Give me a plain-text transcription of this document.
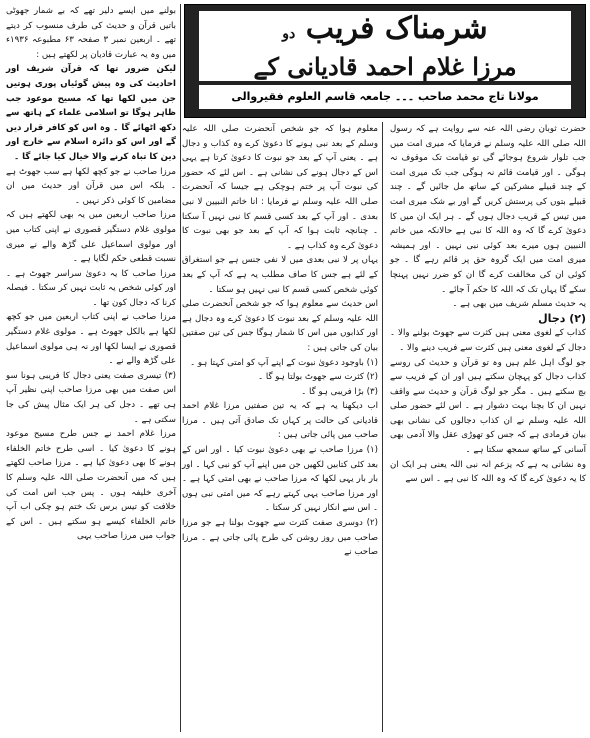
شرمناک فریب دو
مرزا غلام احمد قادیانی کے
مولانا تاج محمد صاحب ۔۔۔ جامعہ قاسم العلوم فقیروالی

حضرت ثوبان رضی اللہ عنہ سے روایت ہے کہ رسول اللہ صلی اللہ علیہ وسلم نے فرمایا کہ میری امت میں جب تلوار شروع ہوجائے گی تو قیامت تک موقوف نہ ہوگی ۔ اور قیامت قائم نہ ہوگی جب تک میری امت کے چند قبیلے مشرکین کے ساتھ مل جائیں گے ۔ چند قبیلے بتوں کی پرستش کریں گے اور بے شک میری امت میں تیس کے قریب دجال ہوں گے ۔ ہر ایک ان میں کا دعویٰ کرے گا کہ وہ اللہ کا نبی ہے حالانکہ میں خاتم النبیین ہوں میرے بعد کوئی نبی نہیں ۔ اور ہمیشہ میری امت میں ایک گروہ حق پر قائم رہے گا ۔ جو کوئی ان کی مخالفت کرے گا ان کو ضرر نہیں پہنچا سکے گا یہاں تک کہ اللہ کا حکم آ جائے ۔

یہ حدیث مسلم شریف میں بھی ہے ۔

(۲) دجال

کذاب کے لغوی معنی ہیں کثرت سے جھوٹ بولنے والا ۔ دجال کے لغوی معنی ہیں کثرت سے فریب دینے والا ۔

جو لوگ اہل علم ہیں وہ تو قرآن و حدیث کی روسے کذاب دجال کو پہچان سکتے ہیں اور ان کے فریب سے بچ سکتے ہیں ۔ مگر جو لوگ قرآن و حدیث سے واقف نہیں ان کا بچنا بہت دشوار ہے ۔ اس لئے حضور صلی اللہ علیہ وسلم نے ان کذاب دجالوں کی نشانی بھی بیان فرمادی ہے کہ جس کو تھوڑی عقل والا آدمی بھی آسانی کے ساتھ سمجھ سکتا ہے ۔

وہ نشانی یہ ہے کہ یزعم انہ نبی اللہ یعنی ہر ایک ان کا یہ دعویٰ کرے گا کہ وہ اللہ کا نبی ہے ۔ اس سے

معلوم ہوا کہ جو شخص آنحضرت صلی اللہ علیہ وسلم کے بعد نبی ہونے کا دعویٰ کرے وہ کذاب و دجال ہے ۔ یعنی آپ کے بعد جو نبوت کا دعویٰ کرتا ہے یہی اس کے دجال ہونے کی نشانی ہے ۔ اس لئے کہ حضور کی نبوت آپ پر ختم ہوچکی ہے جیسا کہ آنحضرت صلی اللہ علیہ وسلم نے فرمایا : انا خاتم النبیین لا نبی بعدی ۔ اور آپ کے بعد کسی قسم کا نبی نہیں آ سکتا ۔ چنانچہ ثابت ہوا کہ آپ کے بعد جو بھی نبوت کا دعویٰ کرے وہ کذاب ہے ۔

یہاں پر لا نبی بعدی میں لا نفی جنس ہے جو استغراق کے لئے ہے جس کا صاف مطلب یہ ہے کہ آپ کے بعد کوئی شخص کسی قسم کا نبی نہیں ہو سکتا ۔

اس حدیث سے معلوم ہوا کہ جو شخص آنحضرت صلی اللہ علیہ وسلم کے بعد نبوت کا دعویٰ کرے وہ دجال ہے اور کذابوں میں اس کا شمار ہوگا جس کی تین صفتیں بیان کی جاتی ہیں :

(۱) باوجود دعویٰ نبوت کے اپنے آپ کو امتی کہتا ہو ۔

(۲) کثرت سے جھوٹ بولتا ہو گا ۔

(۳) بڑا فریبی ہو گا ۔

اب دیکھنا یہ ہے کہ یہ تین صفتیں مرزا غلام احمد قادیانی کی حالت پر کہاں تک صادق آتی ہیں ۔ مرزا صاحب میں پائی جاتی ہیں :

(۱) مرزا صاحب نے بھی دعویٰ نبوت کیا ۔ اور اس کے بعد کئی کتابیں لکھیں جن میں اپنے آپ کو نبی کہا ۔ اور بار بار یہی لکھا کہ مرزا صاحب نے بھی امتی کہا ہے ۔ اور مرزا صاحب یہی کہتے رہے کہ میں امتی نبی ہوں ۔ اس سے انکار نہیں کر سکتا ۔

(۲) دوسری صفت کثرت سے جھوٹ بولنا ہے جو مرزا صاحب میں روز روشن کی طرح پائی جاتی ہے ۔ مرزا صاحب نے

بولنے میں ایسے دلیر تھے کہ بے شمار جھوٹی باتیں قرآن و حدیث کی طرف منسوب کر دیتے تھے ۔ اربعین نمبر ۳ صفحہ ۶۳ مطبوعہ ۱۹۳۶ء میں وہ یہ عبارت قادیان پر لکھتے ہیں :

لیکن ضرور تھا کہ قرآن شریف اور احادیث کی وہ پیش گوئیاں پوری ہوتیں جن میں لکھا تھا کہ مسیح موعود جب ظاہر ہوگا تو اسلامی علماء کے ہاتھ سے دکھ اٹھائے گا ۔ وہ اس کو کافر قرار دیں گے اور اس کو دائرہ اسلام سے خارج اور دین کا تباہ کرنے والا خیال کیا جائے گا ۔

مرزا صاحب نے جو کچھ لکھا ہے سب جھوٹ ہے ۔ بلکہ اس میں قرآن اور حدیث میں ان مضامین کا کوئی ذکر نہیں ۔

مرزا صاحب اربعین میں یہ بھی لکھتے ہیں کہ مولوی غلام دستگیر قصوری نے اپنی کتاب میں اور مولوی اسماعیل علی گڑھ والے نے میری نسبت قطعی حکم لگایا ہے ۔

مرزا صاحب کا یہ دعویٰ سراسر جھوٹ ہے ۔ اور کوئی شخص یہ ثابت نہیں کر سکتا ۔ فیصلہ کرنا کہ دجال کون تھا ۔

مرزا صاحب نے اپنی کتاب اربعین میں جو کچھ لکھا ہے بالکل جھوٹ ہے ۔ مولوی غلام دستگیر قصوری نے ایسا لکھا اور نہ ہی مولوی اسماعیل علی گڑھ والے نے ۔

(۳) تیسری صفت یعنی دجال کا فریبی ہونا سو اس صفت میں بھی مرزا صاحب اپنی نظیر آپ ہی تھے ۔ دجل کی ہر ایک مثال پیش کی جا سکتی ہے ۔

مرزا غلام احمد نے جس طرح مسیح موعود ہونے کا دعویٰ کیا ۔ اسی طرح خاتم الخلفاء ہونے کا بھی دعویٰ کیا ہے ۔ مرزا صاحب لکھتے ہیں کہ میں آنحضرت صلی اللہ علیہ وسلم کا آخری خلیفہ ہوں ۔ پس جب اس امت کی خلافت کو تیس برس تک ختم ہو چکی اب آپ خاتم الخلفاء کیسے ہو سکتے ہیں ۔ اس کے جواب میں مرزا صاحب یہی
